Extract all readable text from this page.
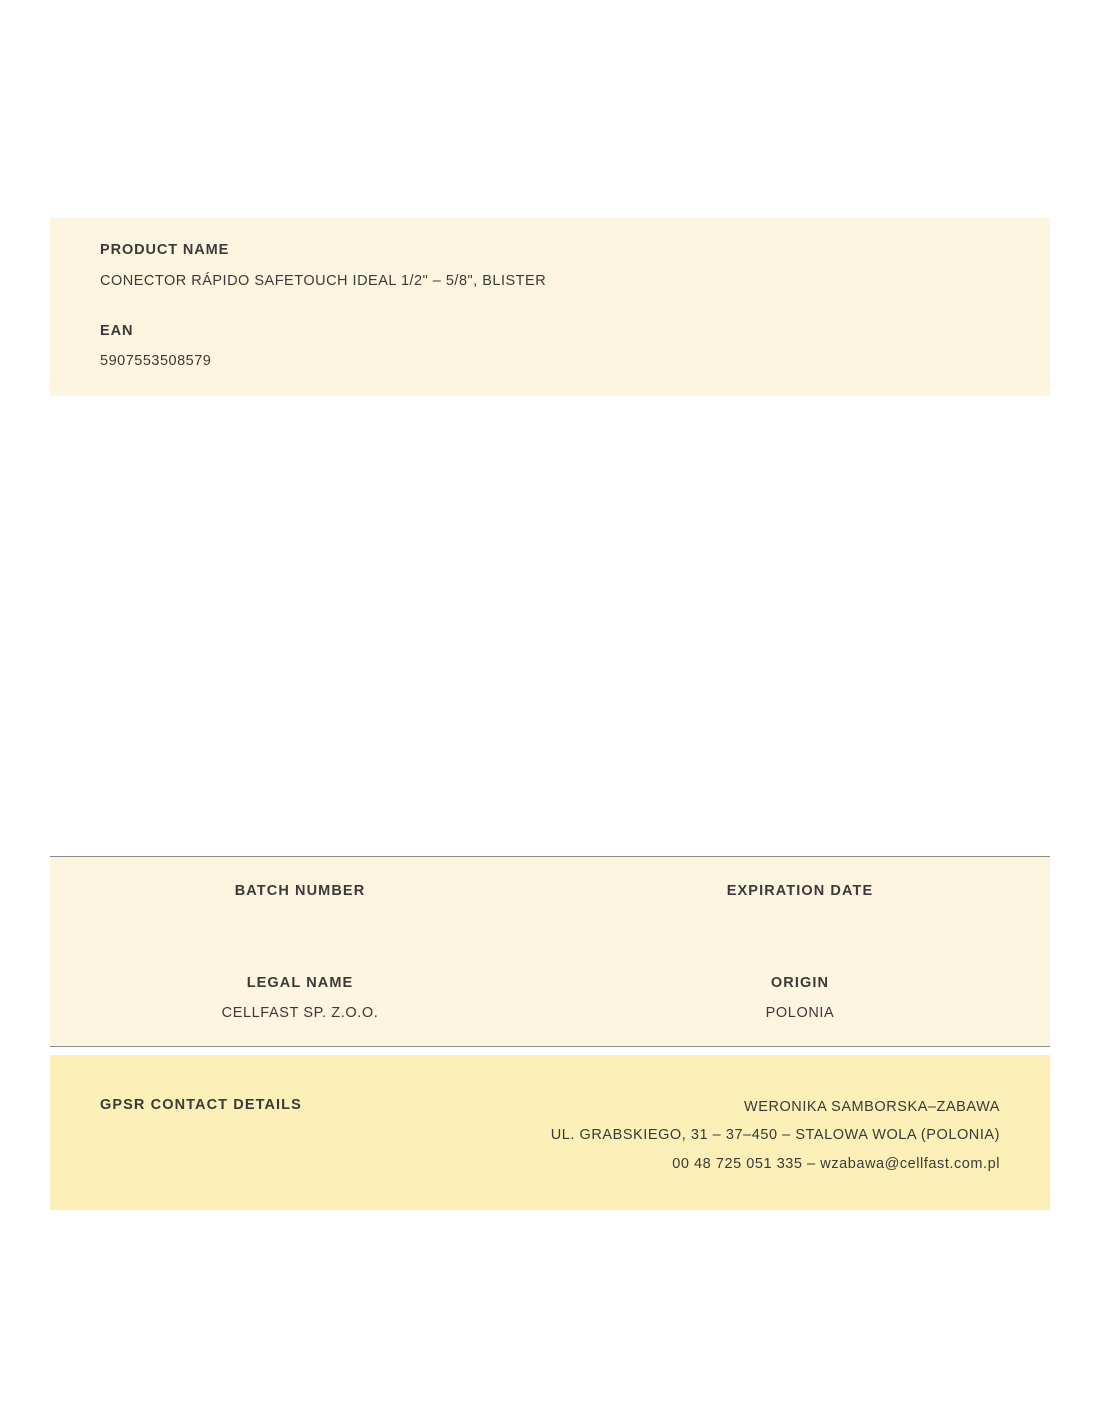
PRODUCT NAME
CONECTOR RÁPIDO SAFETOUCH IDEAL 1/2" – 5/8", BLISTER
EAN
5907553508579
BATCH NUMBER	EXPIRATION DATE
LEGAL NAME
CELLFAST SP. Z.O.O.
ORIGIN
POLONIA
GPSR CONTACT DETAILS	WERONIKA SAMBORSKA–ZABAWA
UL. GRABSKIEGO, 31 – 37–450 – STALOWA WOLA (POLONIA)
00 48 725 051 335 – wzabawa@cellfast.com.pl
